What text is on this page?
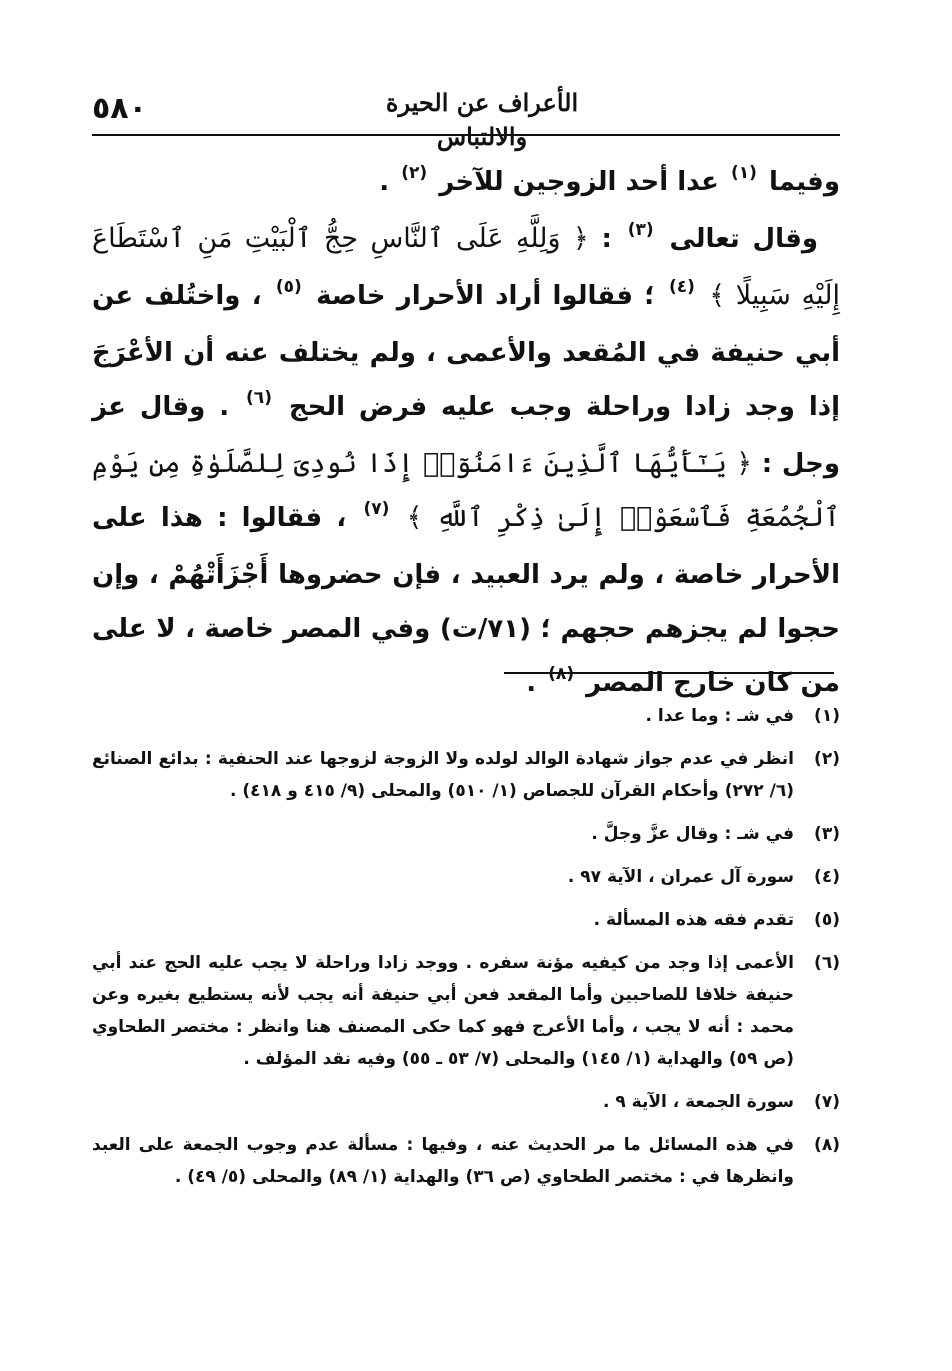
الأعراف عن الحيرة والالتباس
٥٨٠

وفيما $^{(١)}$ عدا أحد الزوجين للآخر $^{(٢)}$ .

وقال تعالى $^{(٣)}$ : ﴿ وَلِلَّهِ عَلَى ٱلنَّاسِ حِجُّ ٱلْبَيْتِ مَنِ ٱسْتَطَاعَ إِلَيْهِ سَبِيلًا ﴾ $^{(٤)}$ ؛ فقالوا أراد الأحرار خاصة $^{(٥)}$ ، واختُلف عن أبي حنيفة في المُقعد والأعمى ، ولم يختلف عنه أن الأعْرَجَ إذا وجد زادا وراحلة وجب عليه فرض الحج $^{(٦)}$ . وقال عز وجل : ﴿ يَـٰٓأَيُّهَا ٱلَّذِينَ ءَامَنُوٓا۟ إِذَا نُودِىَ لِلصَّلَوٰةِ مِن يَوْمِ ٱلْجُمُعَةِ فَٱسْعَوْا۟ إِلَىٰ ذِكْرِ ٱللَّهِ ﴾ $^{(٧)}$ ، فقالوا : هذا على الأحرار خاصة ، ولم يرد العبيد ، فإن حضروها أَجْزَأَتْهُمْ ، وإن حجوا لم يجزهم حجهم ؛ (٧١/ت) وفي المصر خاصة ، لا على من كان خارج المصر $^{(٨)}$ .

(١)
في شـ : وما عدا .
(٢)
انظر في عدم جواز شهادة الوالد لولده ولا الزوجة لزوجها عند الحنفية : بدائع الصنائع (٦/ ٢٧٢) وأحكام القرآن للجصاص (١/ ٥١٠) والمحلى (٩/ ٤١٥ و ٤١٨) .
(٣)
في شـ : وقال عزَّ وجلَّ .
(٤)
سورة آل عمران ، الآية ٩٧ .
(٥)
تقدم فقه هذه المسألة .
(٦)
الأعمى إذا وجد من كيفيه مؤنة سفره . ووجد زادا وراحلة لا يجب عليه الحج عند أبي حنيفة خلافا للصاحبين وأما المقعد فعن أبي حنيفة أنه يجب لأنه يستطيع بغيره وعن محمد : أنه لا يجب ، وأما الأعرج فهو كما حكى المصنف هنا وانظر : مختصر الطحاوي (ص ٥٩) والهداية (١/ ١٤٥) والمحلى (٧/ ٥٣ ـ ٥٥) وفيه نقد المؤلف .
(٧)
سورة الجمعة ، الآية ٩ .
(٨)
في هذه المسائل ما مر الحديث عنه ، وفيها : مسألة عدم وجوب الجمعة على العبد وانظرها في : مختصر الطحاوي (ص ٣٦) والهداية (١/ ٨٩) والمحلى (٥/ ٤٩) .
